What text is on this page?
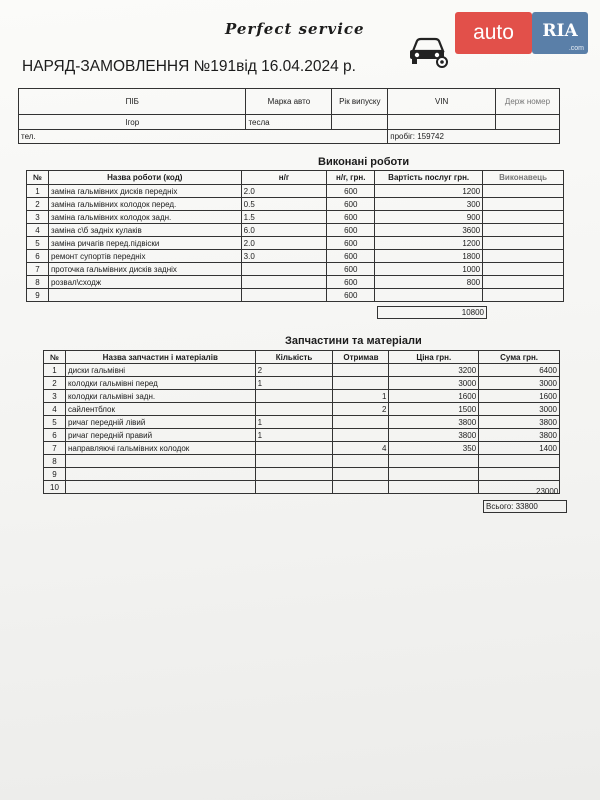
Perfect service	auto	RIA
.com
НАРЯД-ЗАМОВЛЕННЯ №191від 16.04.2024 р.
ПІБ	Марка авто	Рік випуску	VIN	Держ номер
Ігор	тесла			
тел.			пробіг: 159742	
Виконані роботи
№	Назва роботи (код)	н/г	н/г, грн.	Вартість послуг грн.	Виконавець
1	заміна гальмівних дисків передніх	2.0	600	1200	
2	заміна гальмівних колодок перед.	0.5	600	300	
3	заміна гальмівних колодок задн.	1.5	600	900	
4	заміна с\б задніх кулаків	6.0	600	3600	
5	заміна ричагів перед.підвіски	2.0	600	1200	
6	ремонт супортів передніх	3.0	600	1800	
7	проточка гальмівних дисків задніх		600	1000	
8	розвал\сходж		600	800	
9			600		
10800
Запчастини та матеріали
№	Назва запчастин і матеріалів	Кількість	Отримав	Ціна грн.	Сума грн.
1	диски гальмівні	2		3200	6400
2	колодки гальмівні перед	1		3000	3000
3	колодки гальмівні задн.		1	1600	1600
4	сайлентблок		2	1500	3000
5	ричаг передній лівий	1		3800	3800
6	ричаг передній правий	1		3800	3800
7	направляючі гальмівних колодок		4	350	1400
8					
9					
10						23000
Всього: 33800
